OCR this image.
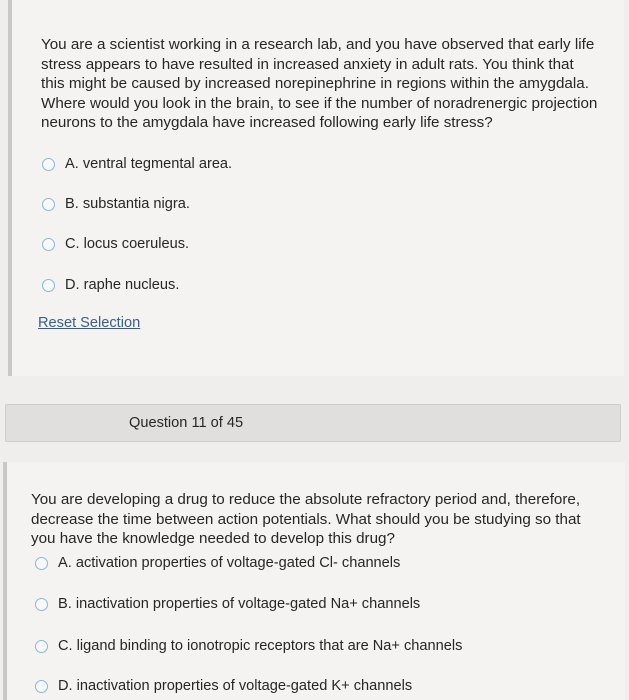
You are a scientist working in a research lab, and you have observed that early life stress appears to have resulted in increased anxiety in adult rats. You think that this might be caused by increased norepinephrine in regions within the amygdala. Where would you look in the brain, to see if the number of noradrenergic projection neurons to the amygdala have increased following early life stress?
A. ventral tegmental area.
B. substantia nigra.
C. locus coeruleus.
D. raphe nucleus.
Reset Selection
Question 11 of 45
You are developing a drug to reduce the absolute refractory period and, therefore, decrease the time between action potentials. What should you be studying so that you have the knowledge needed to develop this drug?
A. activation properties of voltage-gated Cl- channels
B. inactivation properties of voltage-gated Na+ channels
C. ligand binding to ionotropic receptors that are Na+ channels
D. inactivation properties of voltage-gated K+ channels
